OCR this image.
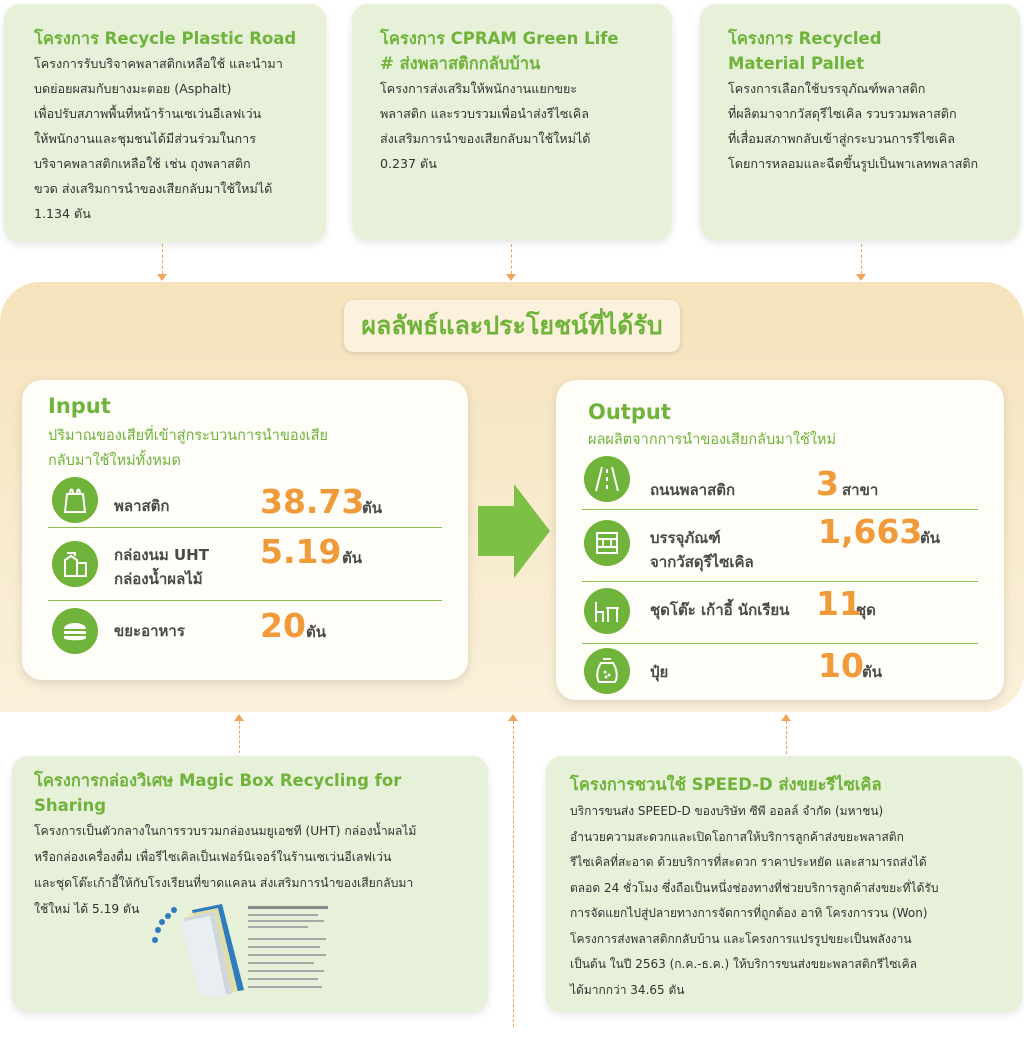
โครงการ Recycle Plastic Road
โครงการรับบริจาคพลาสติกเหลือใช้ และนำมา
บดย่อยผสมกับยางมะตอย (Asphalt)
เพื่อปรับสภาพพื้นที่หน้าร้านเซเว่นอีเลฟเว่น
ให้พนักงานและชุมชนได้มีส่วนร่วมในการ
บริจาคพลาสติกเหลือใช้ เช่น ถุงพลาสติก
ขวด ส่งเสริมการนำของเสียกลับมาใช้ใหม่ได้
1.134 ตัน
โครงการ CPRAM Green Life
# ส่งพลาสติกกลับบ้าน
โครงการส่งเสริมให้พนักงานแยกขยะ
พลาสติก และรวบรวมเพื่อนำส่งรีไซเคิล
ส่งเสริมการนำของเสียกลับมาใช้ใหม่ได้
0.237 ตัน
โครงการ Recycled
Material Pallet
โครงการเลือกใช้บรรจุภัณฑ์พลาสติก
ที่ผลิตมาจากวัสดุรีไซเคิล รวบรวมพลาสติก
ที่เสื่อมสภาพกลับเข้าสู่กระบวนการรีไซเคิล
โดยการหลอมและฉีดขึ้นรูปเป็นพาเลทพลาสติก
ผลลัพธ์และประโยชน์ที่ได้รับ
Input
ปริมาณของเสียที่เข้าสู่กระบวนการนำของเสีย
กลับมาใช้ใหม่ทั้งหมด
พลาสติก	38.73
ตัน
กล่องนม UHT
กล่องน้ำผลไม้
5.19 ตัน
ขยะอาหาร 20 ตัน
Output
ผลผลิตจากการนำของเสียกลับมาใช้ใหม่
ถนนพลาสติก 3 สาขา
บรรจุภัณฑ์
จากวัสดุรีไซเคิล
1,663
ตัน
ชุดโต๊ะ เก้าอี้ นักเรียน 11
ชุด
ปุ๋ย	10
ตัน
โครงการกล่องวิเศษ Magic Box Recycling for Sharing
โครงการเป็นตัวกลางในการรวบรวมกล่องนมยูเอชที (UHT) กล่องน้ำผลไม้
หรือกล่องเครื่องดื่ม เพื่อรีไซเคิลเป็นเฟอร์นิเจอร์ในร้านเซเว่นอีเลฟเว่น
และชุดโต๊ะเก้าอี้ให้กับโรงเรียนที่ขาดแคลน ส่งเสริมการนำของเสียกลับมา
ใช้ใหม่ ได้ 5.19 ตัน
โครงการชวนใช้ SPEED-D ส่งขยะรีไซเคิล
บริการขนส่ง SPEED-D ของบริษัท ซีพี ออลล์ จำกัด (มหาชน)
อำนวยความสะดวกและเปิดโอกาสให้บริการลูกค้าส่งขยะพลาสติก
รีไซเคิลที่สะอาด ด้วยบริการที่สะดวก ราคาประหยัด และสามารถส่งได้
ตลอด 24 ชั่วโมง ซึ่งถือเป็นหนึ่งช่องทางที่ช่วยบริการลูกค้าส่งขยะที่ได้รับ
การจัดแยกไปสู่ปลายทางการจัดการที่ถูกต้อง อาทิ โครงการวน (Won)
โครงการส่งพลาสติกกลับบ้าน และโครงการแปรรูปขยะเป็นพลังงาน
เป็นต้น ในปี 2563 (ก.ค.-ธ.ค.) ให้บริการขนส่งขยะพลาสติกรีไซเคิล
ได้มากกว่า 34.65 ตัน
